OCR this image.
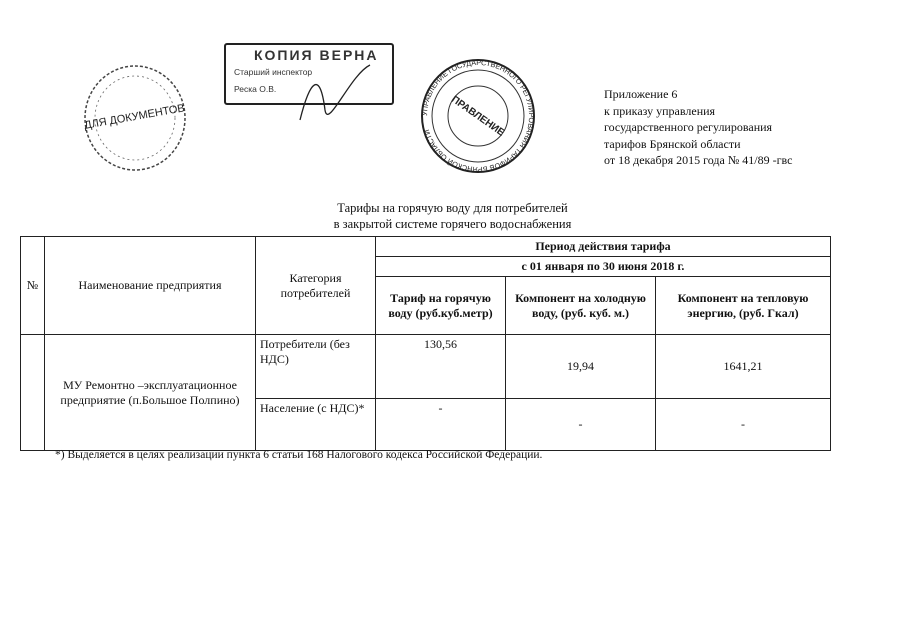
ДЛЯ ДОКУМЕНТОВ
КОПИЯ ВЕРНА
Старший инспектор
Реска О.В.
УПРАВЛЕНИЕ ГОСУДАРСТВЕННОГО РЕГУЛИРОВАНИЯ ТАРИФОВ БРЯНСКОЙ ОБЛАСТИ	ПРАВЛЕНИЕ
Приложение 6
к приказу управления
государственного регулирования
тарифов Брянской области
от 18 декабря 2015 года № 41/89 -гвс
Тарифы на горячую воду для потребителей
в закрытой системе горячего водоснабжения
№	Наименование предприятия	Категория потребителей	Период действия тарифа		
			с 01 января по 30 июня 2018 г.		
			Тариф на горячую воду (руб.куб.метр)	Компонент на холодную воду, (руб. куб. м.)	Компонент на тепловую энергию, (руб. Гкал)
	МУ Ремонтно –эксплуатационное предприятие (п.Большое Полпино)	Потребители (без НДС)	130,56	19,94	1641,21
		Население (с НДС)*	-	-	-
*) Выделяется в целях реализации пункта 6 статьи 168 Налогового кодекса Российской Федерации.
